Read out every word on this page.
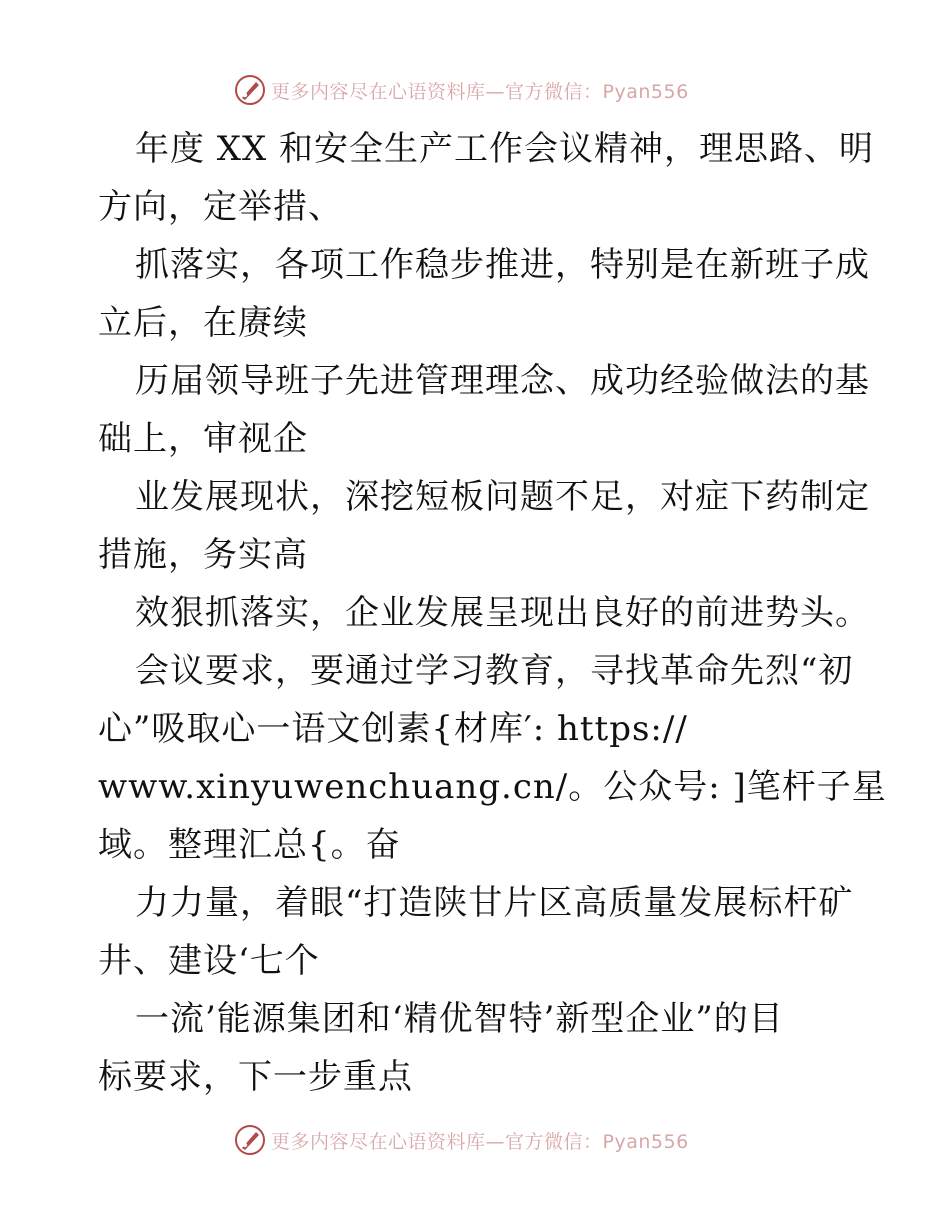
更多内容尽在心语资料库—官方微信：Pyan556
年度 XX 和安全生产工作会议精神，理思路、明
方向，定举措、
抓落实，各项工作稳步推进，特别是在新班子成
立后，在赓续
历届领导班子先进管理理念、成功经验做法的基
础上，审视企
业发展现状，深挖短板问题不足，对症下药制定
措施，务实高
效狠抓落实，企业发展呈现出良好的前进势头。
会议要求，要通过学习教育，寻找革命先烈“初
心”吸取心一语文创素{材库′: https://
www.xinyuwenchuang.cn/。公众号: ]笔杆子星
域。整理汇总{。奋
力力量，着眼“打造陕甘片区高质量发展标杆矿
井、建设‘七个
一流’能源集团和‘精优智特’新型企业”的目
标要求，下一步重点
更多内容尽在心语资料库—官方微信：Pyan556
